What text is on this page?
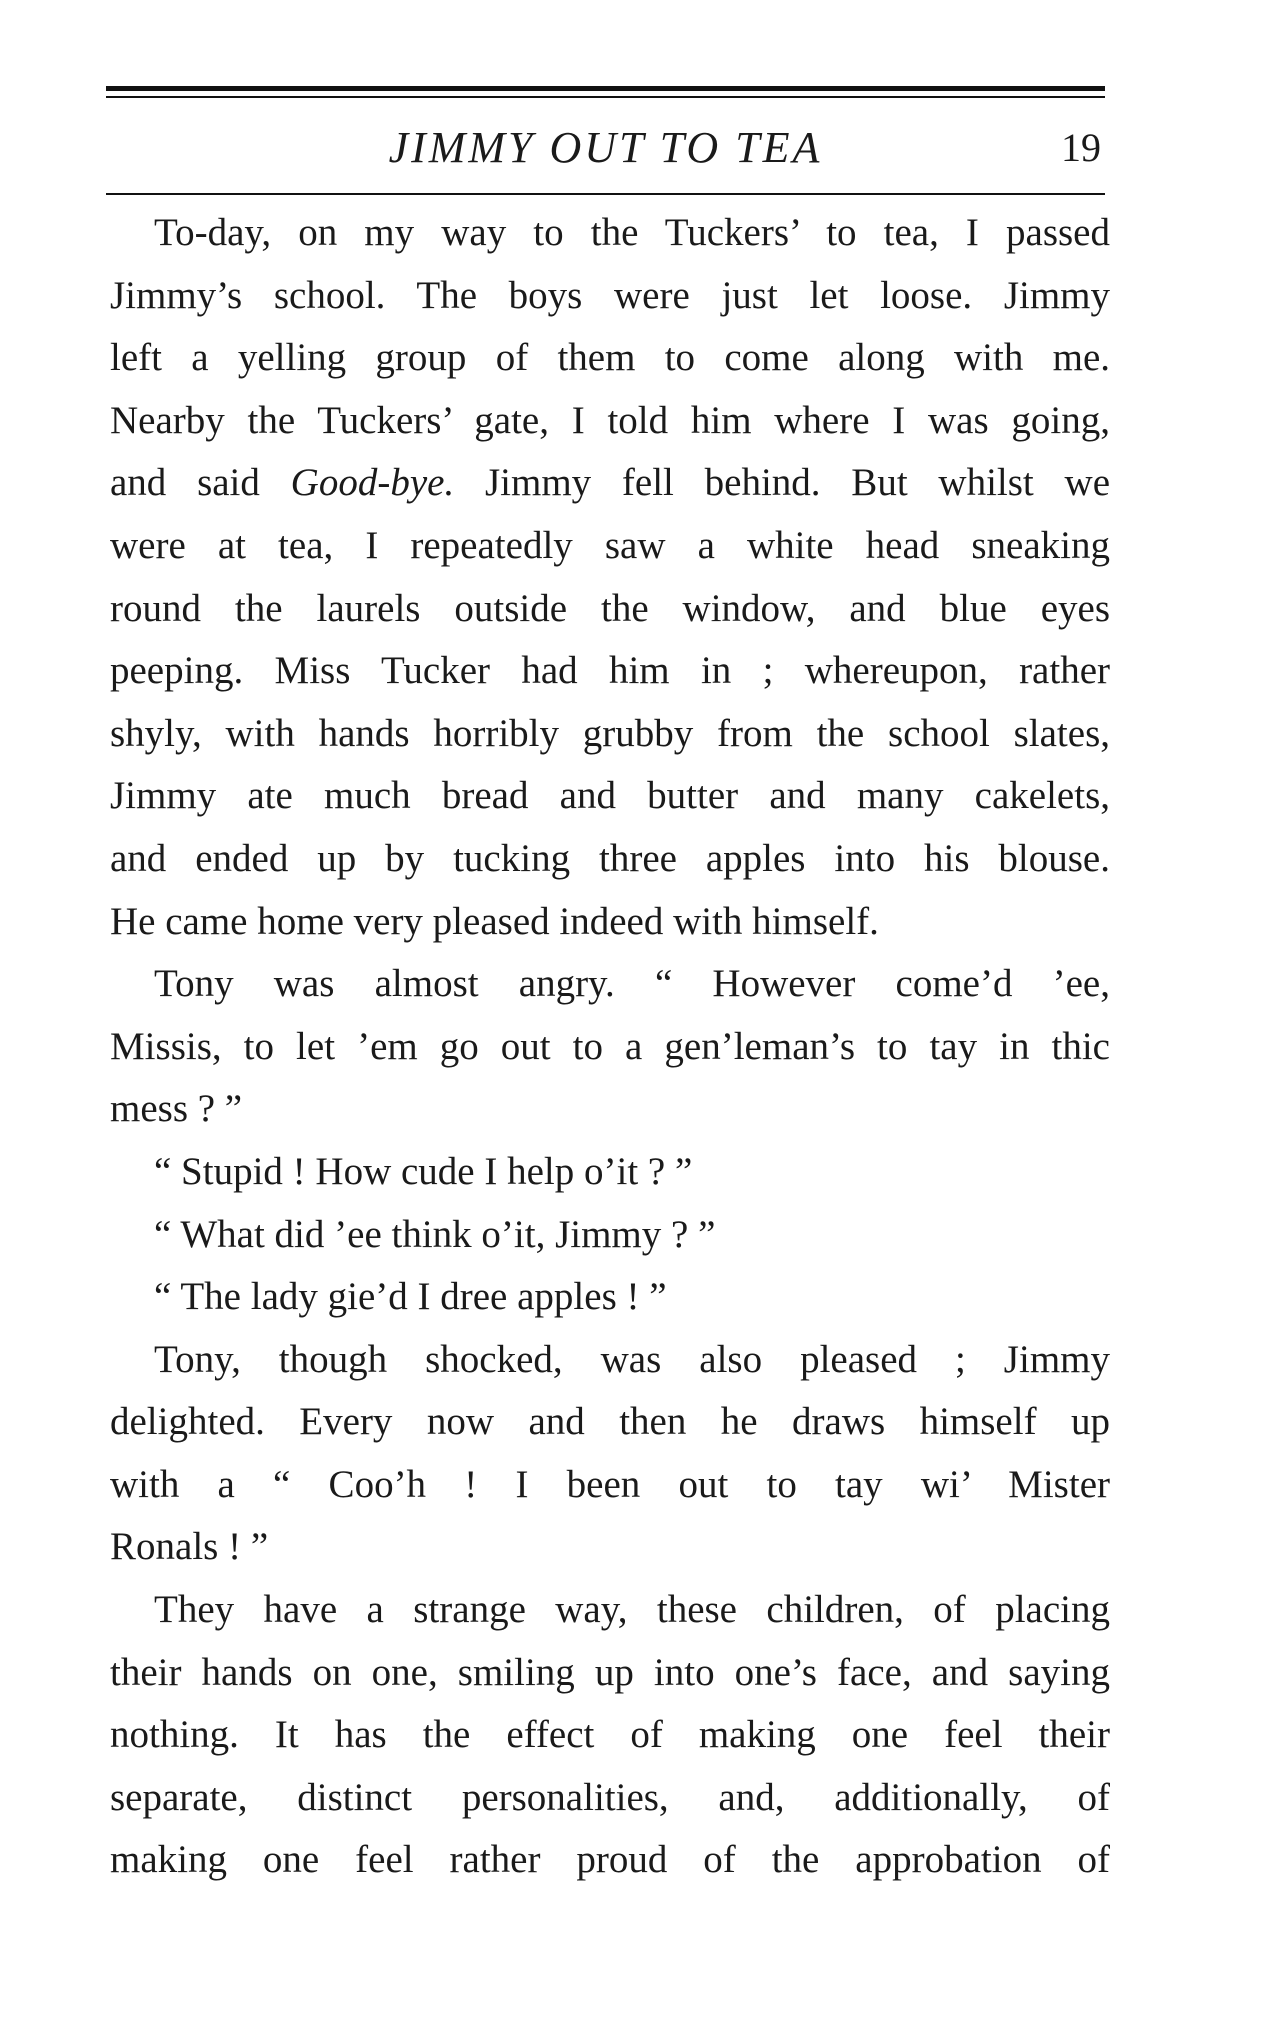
JIMMY OUT TO TEA	19
To-day, on my way to the Tuckers’ to tea, I passed
Jimmy’s school. The boys were just let loose. Jimmy
left a yelling group of them to come along with me.
Nearby the Tuckers’ gate, I told him where I was going,
and said Good-bye. Jimmy fell behind. But whilst we
were at tea, I repeatedly saw a white head sneaking
round the laurels outside the window, and blue eyes
peeping. Miss Tucker had him in ; whereupon, rather
shyly, with hands horribly grubby from the school slates,
Jimmy ate much bread and butter and many cakelets,
and ended up by tucking three apples into his blouse.
He came home very pleased indeed with himself.
Tony was almost angry. “ However come’d ’ee,
Missis, to let ’em go out to a gen’leman’s to tay in thic
mess ? ”
“ Stupid ! How cude I help o’it ? ”
“ What did ’ee think o’it, Jimmy ? ”
“ The lady gie’d I dree apples ! ”
Tony, though shocked, was also pleased ; Jimmy
delighted. Every now and then he draws himself up
with a “ Coo’h ! I been out to tay wi’ Mister
Ronals ! ”
They have a strange way, these children, of placing
their hands on one, smiling up into one’s face, and saying
nothing. It has the effect of making one feel their
separate, distinct personalities, and, additionally, of
making one feel rather proud of the approbation of
